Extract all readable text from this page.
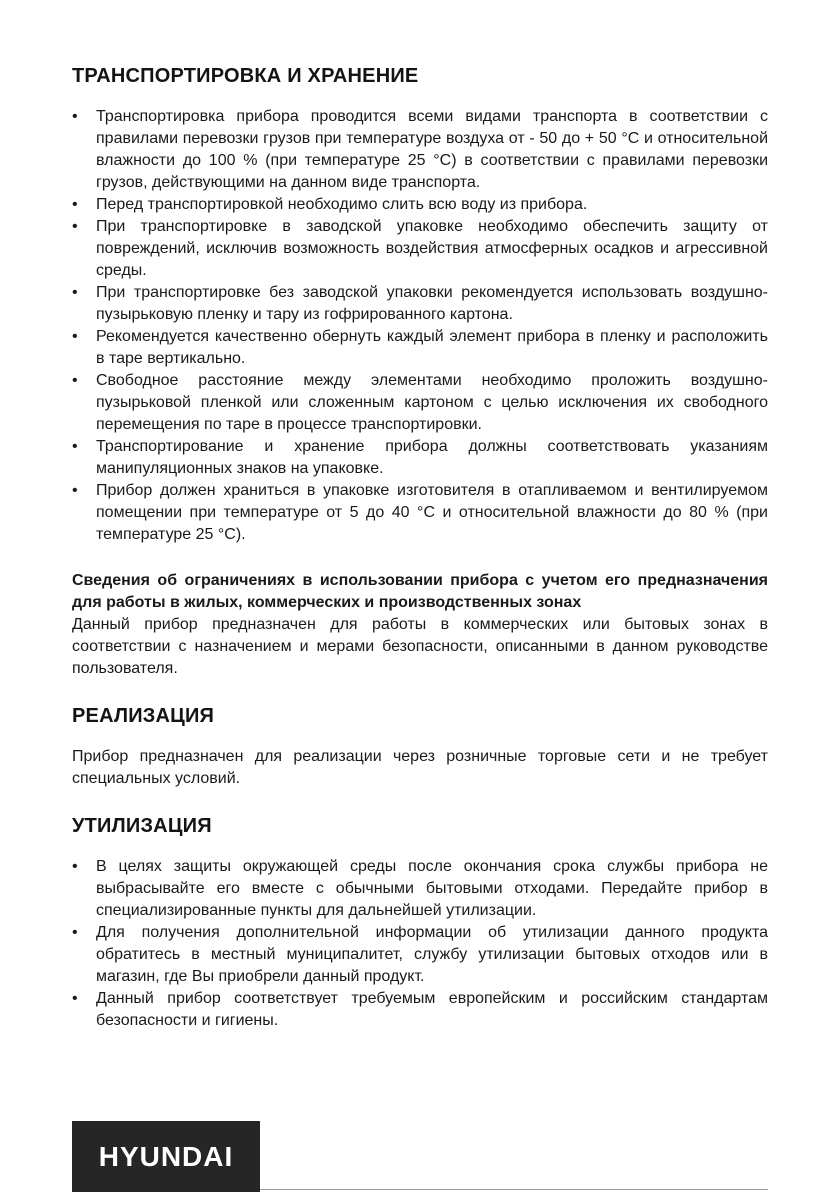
ТРАНСПОРТИРОВКА И ХРАНЕНИЕ
• Транспортировка прибора проводится всеми видами транспорта в соответствии с правилами перевозки грузов при температуре воздуха от - 50 до + 50 °С и относительной влажности до 100 % (при температуре 25 °С) в соответствии с правилами перевозки грузов, действующими на данном виде транспорта.
• Перед транспортировкой необходимо слить всю воду из прибора.
• При транспортировке в заводской упаковке необходимо обеспечить защиту от повреждений, исключив возможность воздействия атмосферных осадков и агрессивной среды.
• При транспортировке без заводской упаковки рекомендуется использовать воздушно-пузырьковую пленку и тару из гофрированного картона.
• Рекомендуется качественно обернуть каждый элемент прибора в пленку и расположить в таре вертикально.
• Свободное расстояние между элементами необходимо проложить воздушно-пузырьковой пленкой или сложенным картоном с целью исключения их свободного перемещения по таре в процессе транспортировки.
• Транспортирование и хранение прибора должны соответствовать указаниям манипуляционных знаков на упаковке.
• Прибор должен храниться в упаковке изготовителя в отапливаемом и вентилируемом помещении при температуре от 5 до 40 °С и относительной влажности до 80 % (при температуре 25 °С).

Сведения об ограничениях в использовании прибора с учетом его предназначения для работы в жилых, коммерческих и производственных зонах

Данный прибор предназначен для работы в коммерческих или бытовых зонах в соответствии с назначением и мерами безопасности, описанными в данном руководстве пользователя.

РЕАЛИЗАЦИЯ

Прибор предназначен для реализации через розничные торговые сети и не требует специальных условий.

УТИЛИЗАЦИЯ
• В целях защиты окружающей среды после окончания срока службы прибора не выбрасывайте его вместе с обычными бытовыми отходами. Передайте прибор в специализированные пункты для дальнейшей утилизации.
• Для получения дополнительной информации об утилизации данного продукта обратитесь в местный муниципалитет, службу утилизации бытовых отходов или в магазин, где Вы приобрели данный продукт.
• Данный прибор соответствует требуемым европейским и российским стандартам безопасности и гигиены.
HYUNDAI
